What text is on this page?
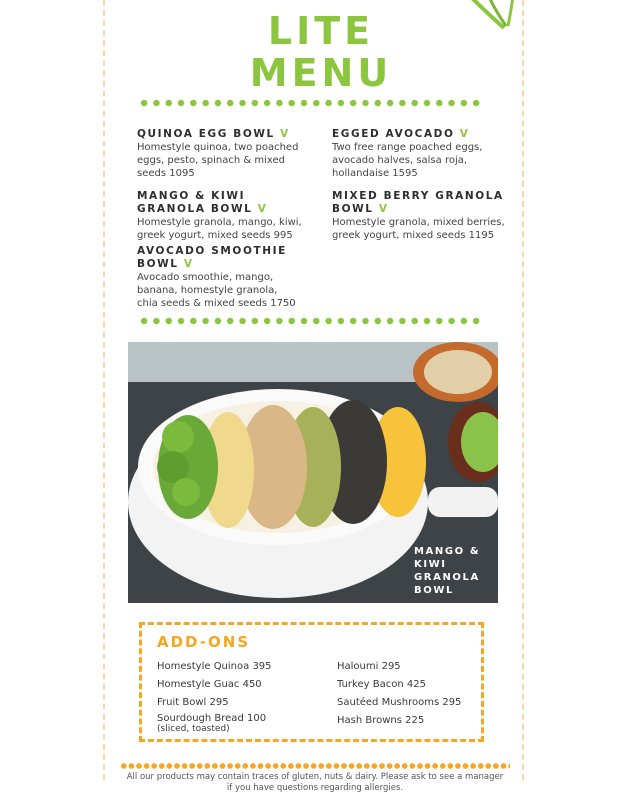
LITE
MENU
QUINOA EGG BOWL V
Homestyle quinoa, two poached eggs, pesto, spinach & mixed seeds 1095
EGGED AVOCADO V
Two free range poached eggs, avocado halves, salsa roja, hollandaise 1595
MANGO & KIWI GRANOLA BOWL V
Homestyle granola, mango, kiwi, greek yogurt, mixed seeds 995
MIXED BERRY GRANOLA BOWL V
Homestyle granola, mixed berries, greek yogurt, mixed seeds 1195
AVOCADO SMOOTHIE BOWL V
Avocado smoothie, mango, banana, homestyle granola, chia seeds & mixed seeds 1750
MANGO & KIWI GRANOLA BOWL
ADD-ONS
Homestyle Quinoa 395
Homestyle Guac 450
Fruit Bowl 295
Sourdough Bread 100
(sliced, toasted)
Haloumi 295
Turkey Bacon 425
Sautéed Mushrooms 295
Hash Browns 225
All our products may contain traces of gluten, nuts & dairy. Please ask to see a manager
if you have questions regarding allergies.
